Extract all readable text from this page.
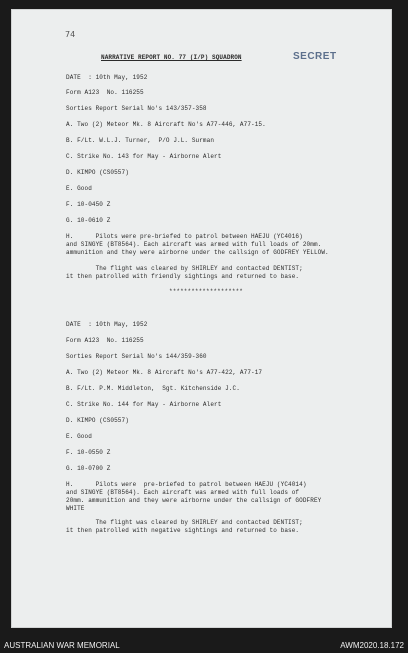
74
NARRATIVE REPORT NO. 77 (I/P) SQUADRON	SECRET
DATE  : 10th May, 1952
Form A123  No. 116255
Sorties Report Serial No's 143/357-358
A. Two (2) Meteor Mk. 8 Aircraft No's A77-446, A77-15.
B. F/Lt. W.L.J. Turner,  P/O J.L. Surman
C. Strike No. 143 for May - Airborne Alert
D. KIMPO (CS0557)
E. Good
F. 10-0450 Z
G. 10-0610 Z
H.      Pilots were pre-briefed to patrol between HAEJU (YC4016)
and SINGYE (BT8564). Each aircraft was armed with full loads of 20mm.
ammunition and they were airborne under the callsign of GODFREY YELLOW.
The flight was cleared by SHIRLEY and contacted DENTIST;
it then patrolled with friendly sightings and returned to base.
********************
DATE  : 10th May, 1952
Form A123  No. 116255
Sorties Report Serial No's 144/359-360
A. Two (2) Meteor Mk. 8 Aircraft No's A77-422, A77-17
B. F/Lt. P.M. Middleton,  Sgt. Kitchenside J.C.
C. Strike No. 144 for May - Airborne Alert
D. KIMPO (CS0557)
E. Good
F. 10-0550 Z
G. 10-0700 Z
H.      Pilots were  pre-briefed to patrol between HAEJU (YC4014)
and SINGYE (BT8564). Each aircraft was armed with full loads of
20mm. ammunition and they were airborne under the callsign of GODFREY
WHITE
The flight was cleared by SHIRLEY and contacted DENTIST;
it then patrolled with negative sightings and returned to base.
AUSTRALIAN WAR MEMORIAL	AWM2020.18.172
